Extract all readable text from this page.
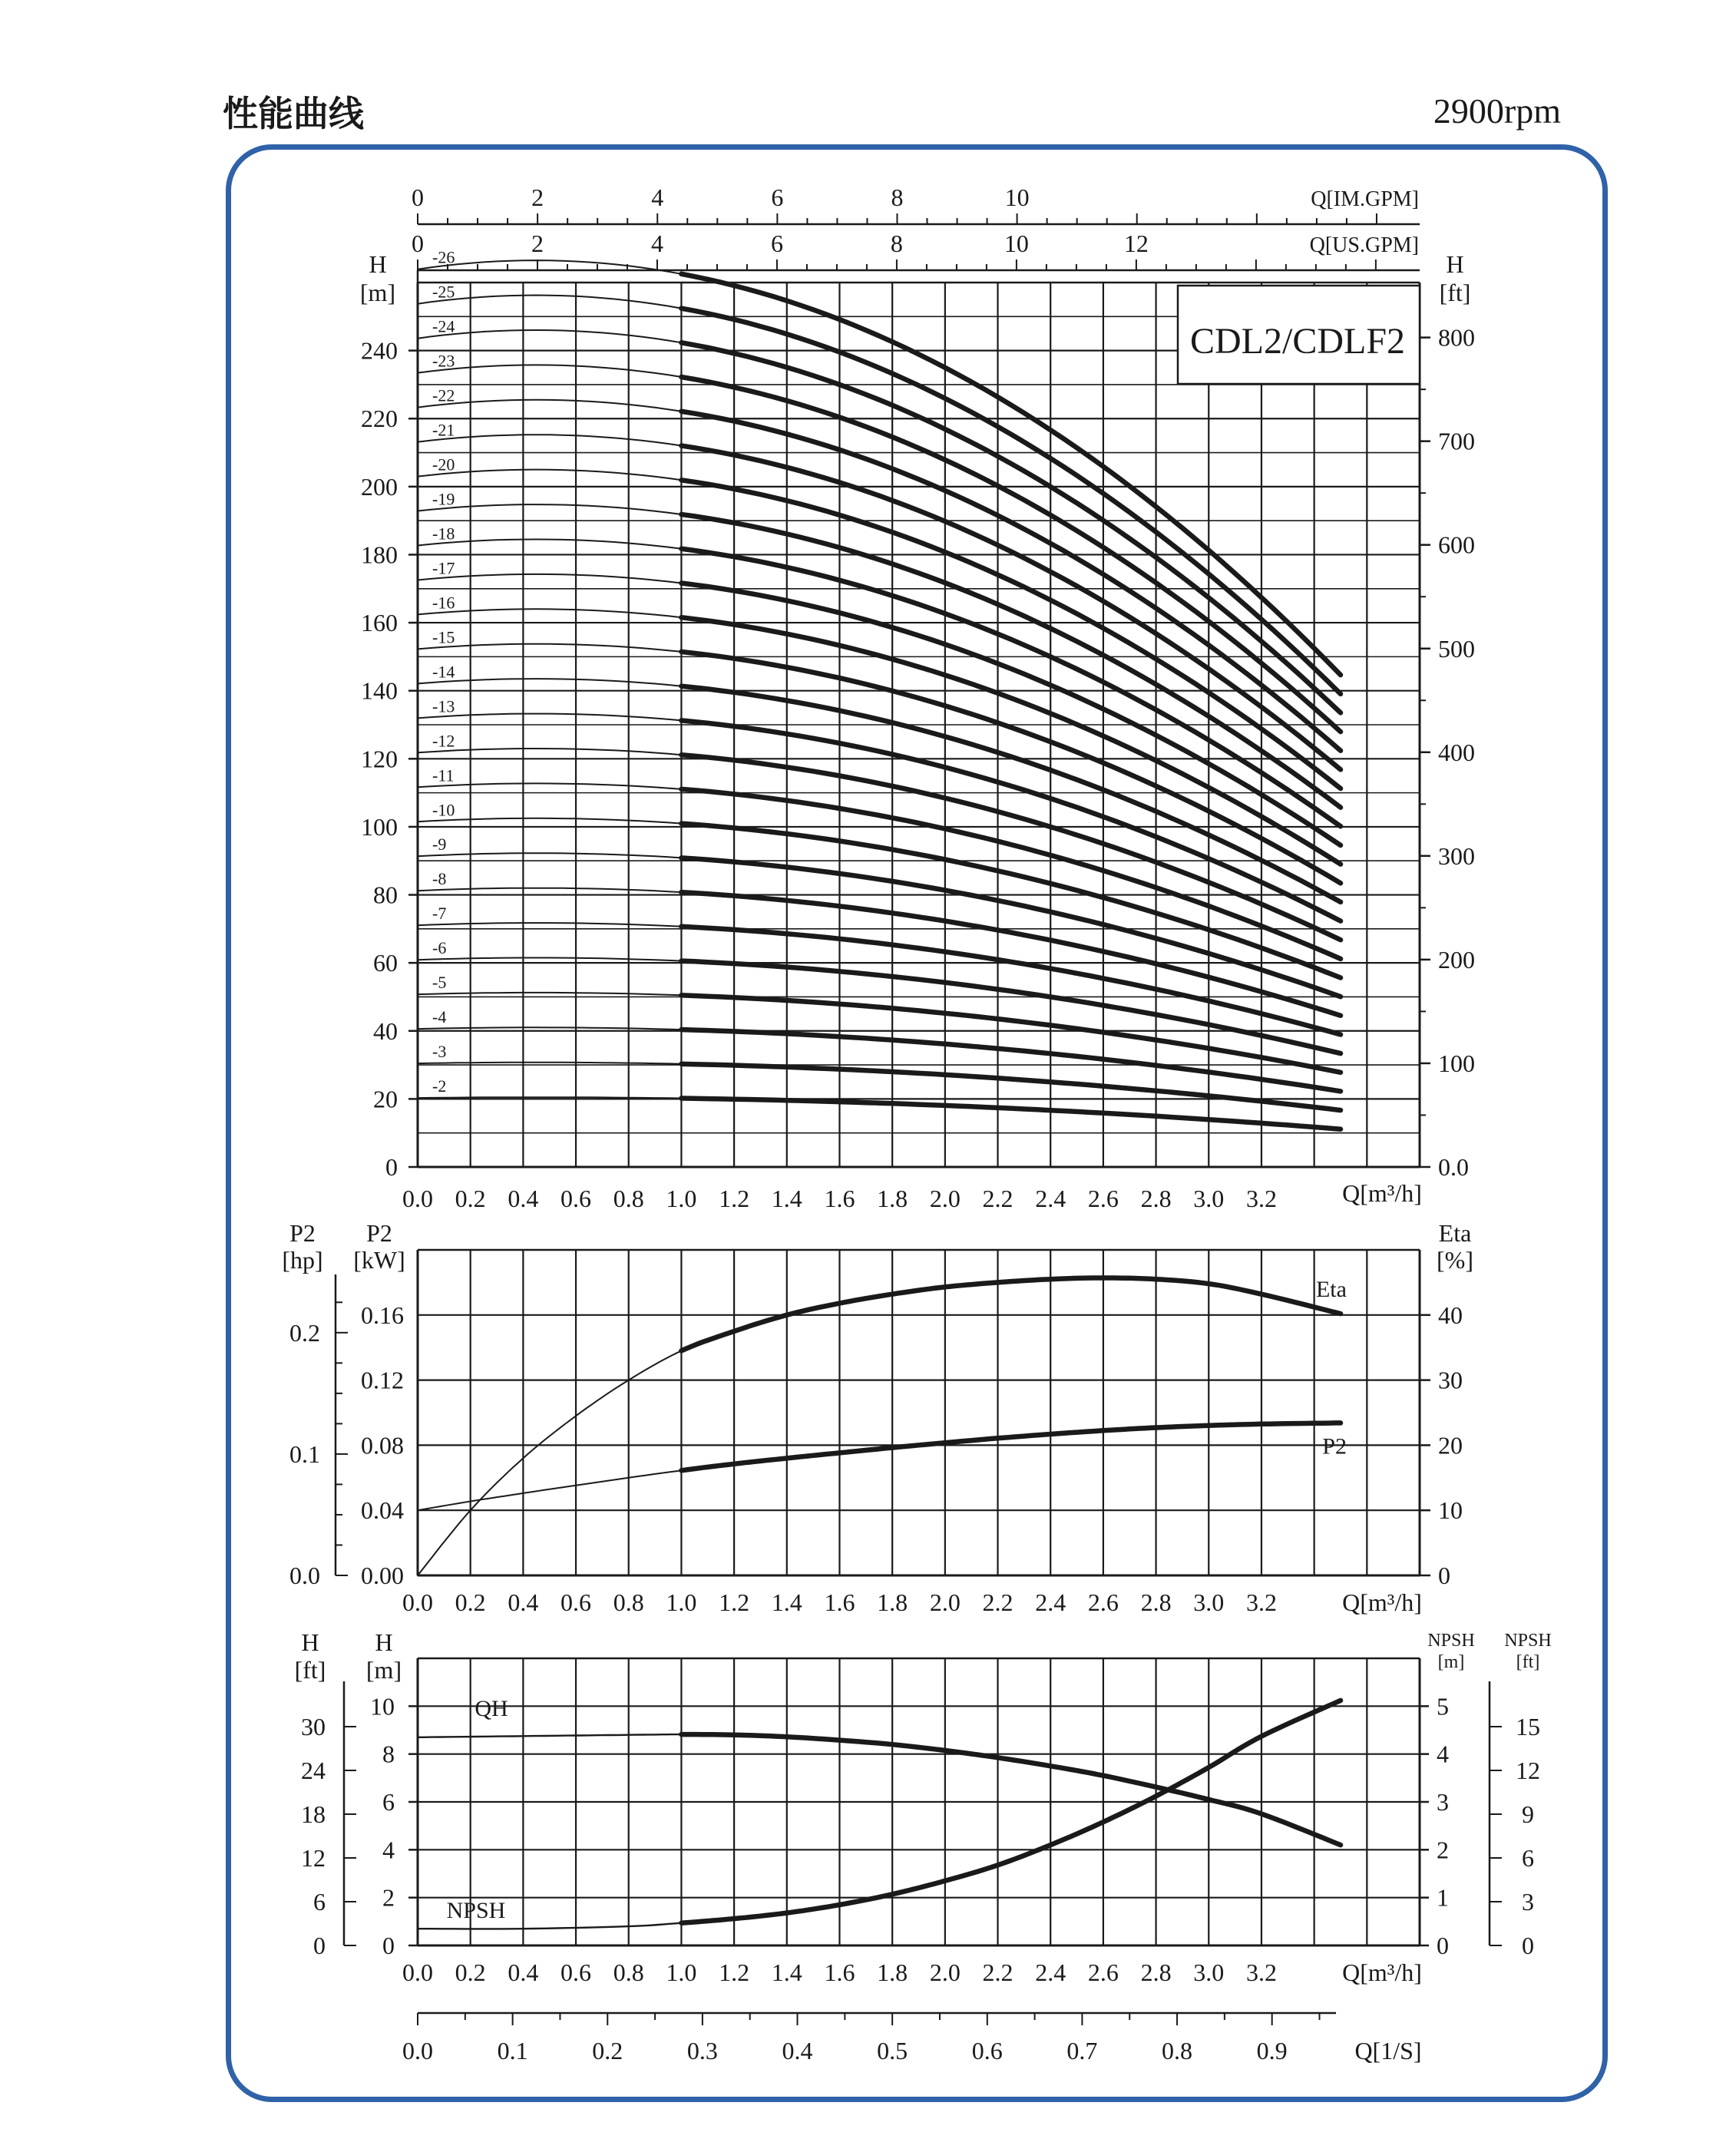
性能曲线	2900rpm
0
20
40
60
80
100
120
140
160
180
200
220
240
H
[m]
0.0
100
200
300
400
500
600
700
800
H
[ft]
0.0 0.2 0.4 0.6 0.8 1.0 1.2 1.4 1.6 1.8 2.0 2.2 2.4 2.6 2.8 3.0 3.2	Q[m³/h]
0	2	4	6	8	10	Q[IM.GPM]
0	2	4	6	8	10	12	Q[US.GPM]
CDL2/CDLF2
-2
-3
-4
-5
-6
-7
-8
-9
-10
-11
-12
-13
-14
-15
-16
-17
-18
-19
-20
-21
-22
-23
-24
-25
-26
0.00
0.04
0.08
0.12
0.16
P2
[kW]
0.0
0.1
0.2
P2
[hp]
0
10
20
30
40
Eta
[%]
0.0 0.2 0.4 0.6 0.8 1.0 1.2 1.4 1.6 1.8 2.0 2.2 2.4 2.6 2.8 3.0 3.2	Q[m³/h]
Eta
P2
0
2
4
6
8
10
H
[m]
0
6
12
18
24
30
H
[ft]
0
1
2
3
4
5
NPSH
[m]
0
3
6
9
12
15
NPSH
[ft]
0.0 0.2 0.4 0.6 0.8 1.0 1.2 1.4 1.6 1.8 2.0 2.2 2.4 2.6 2.8 3.0 3.2	Q[m³/h]
QH
NPSH
0.0	0.1	0.2	0.3	0.4	0.5	0.6	0.7	0.8	0.9	Q[1/S]
